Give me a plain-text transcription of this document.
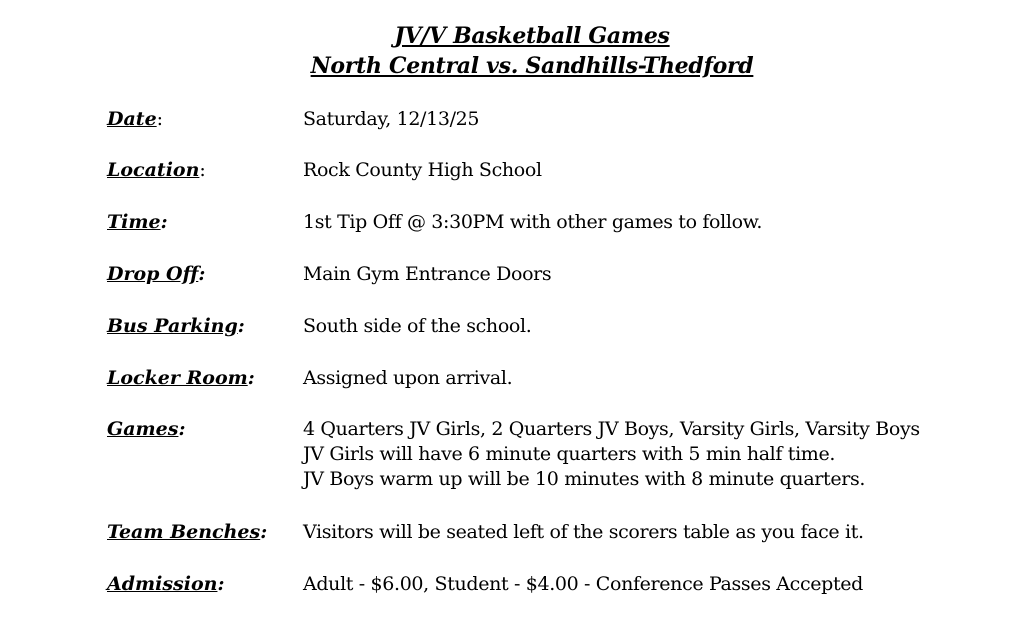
JV/V Basketball Games
North Central vs. Sandhills-Thedford
Date:	Saturday, 12/13/25
Location:	Rock County High School
Time:	1st Tip Off @ 3:30PM with other games to follow.
Drop Off:	Main Gym Entrance Doors
Bus Parking:	South side of the school.
Locker Room:	Assigned upon arrival.
Games:	4 Quarters JV Girls, 2 Quarters JV Boys, Varsity Girls, Varsity Boys
JV Girls will have 6 minute quarters with 5 min half time.
JV Boys warm up will be 10 minutes with 8 minute quarters.
Team Benches: Visitors will be seated left of the scorers table as you face it.
Admission:	Adult - $6.00, Student - $4.00 - Conference Passes Accepted
